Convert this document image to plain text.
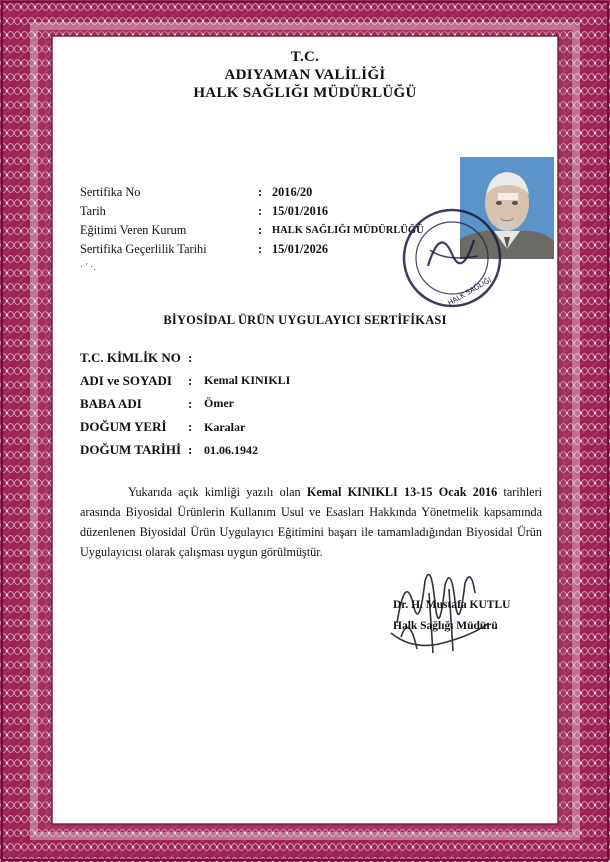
T.C.
ADIYAMAN VALİLİĞİ
HALK SAĞLIĞI MÜDÜRLÜĞÜ
Sertifika No	: 2016/20
Tarih	: 15/01/2016
Eğitimi Veren Kurum	: HALK SAĞLIĞI MÜDÜRLÜĞÜ
Sertifika Geçerlilik Tarihi	: 15/01/2026
HALK SAĞLIĞI
· ' ·.
BİYOSİDAL ÜRÜN UYGULAYICI SERTİFİKASI
T.C. KİMLİK NO :
ADI ve SOYADI	: Kemal KINIKLI
BABA ADI	: Ömer
DOĞUM YERİ	: Karalar
DOĞUM TARİHİ : 01.06.1942
Yukarıda açık kimliği yazılı olan Kemal KINIKLI 13-15 Ocak 2016 tarihleri arasında Biyosidal Ürünlerin Kullanım Usul ve Esasları Hakkında Yönetmelik kapsamında düzenlenen Biyosidal Ürün Uygulayıcı Eğitimini başarı ile tamamladığından Biyosidal Ürün Uygulayıcısı olarak çalışması uygun görülmüştür.
Dr. H. Mustafa KUTLU
Halk Sağlığı Müdürü
